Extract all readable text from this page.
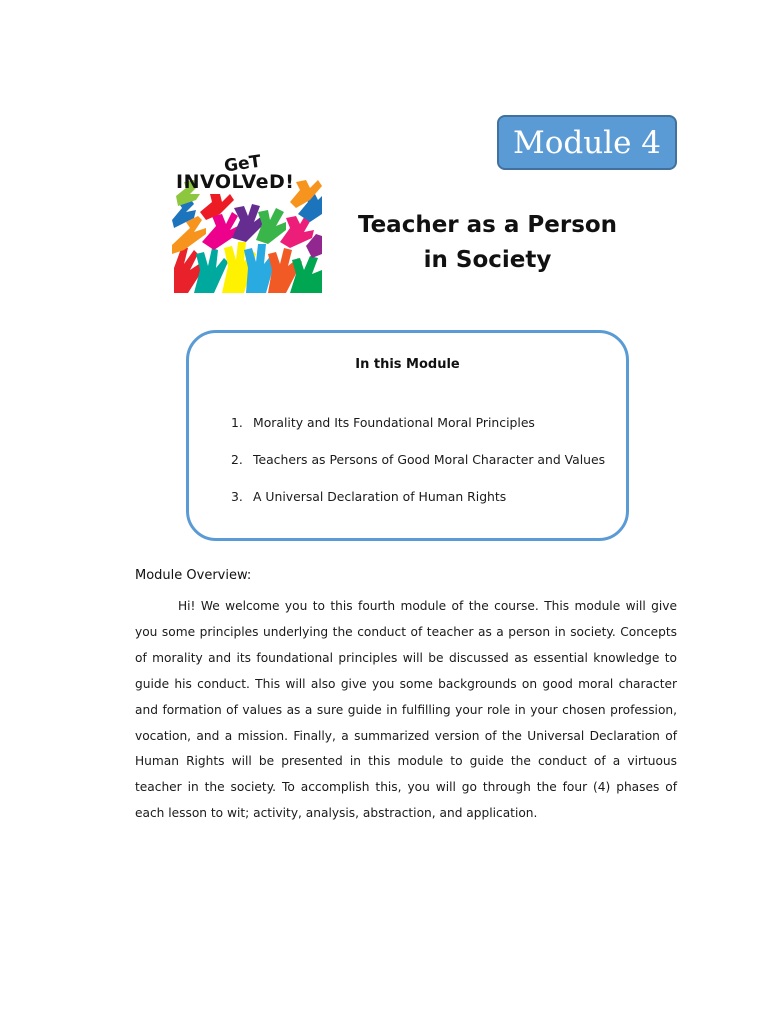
Module 4
GeT
INVOLVeD!
Teacher as a Person
in Society
In this Module
1. Morality and Its Foundational Moral Principles
2. Teachers as Persons of Good Moral Character and Values
3. A Universal Declaration of Human Rights
Module Overview:

Hi! We welcome you to this fourth module of the course. This module will give you some principles underlying the conduct of teacher as a person in society. Concepts of morality and its foundational principles will be discussed as essential knowledge to guide his conduct. This will also give you some backgrounds on good moral character and formation of values as a sure guide in fulfilling your role in your chosen profession, vocation, and a mission. Finally, a summarized version of the Universal Declaration of Human Rights will be presented in this module to guide the conduct of a virtuous teacher in the society. To accomplish this, you will go through the four (4) phases of each lesson to wit; activity, analysis, abstraction, and application.
